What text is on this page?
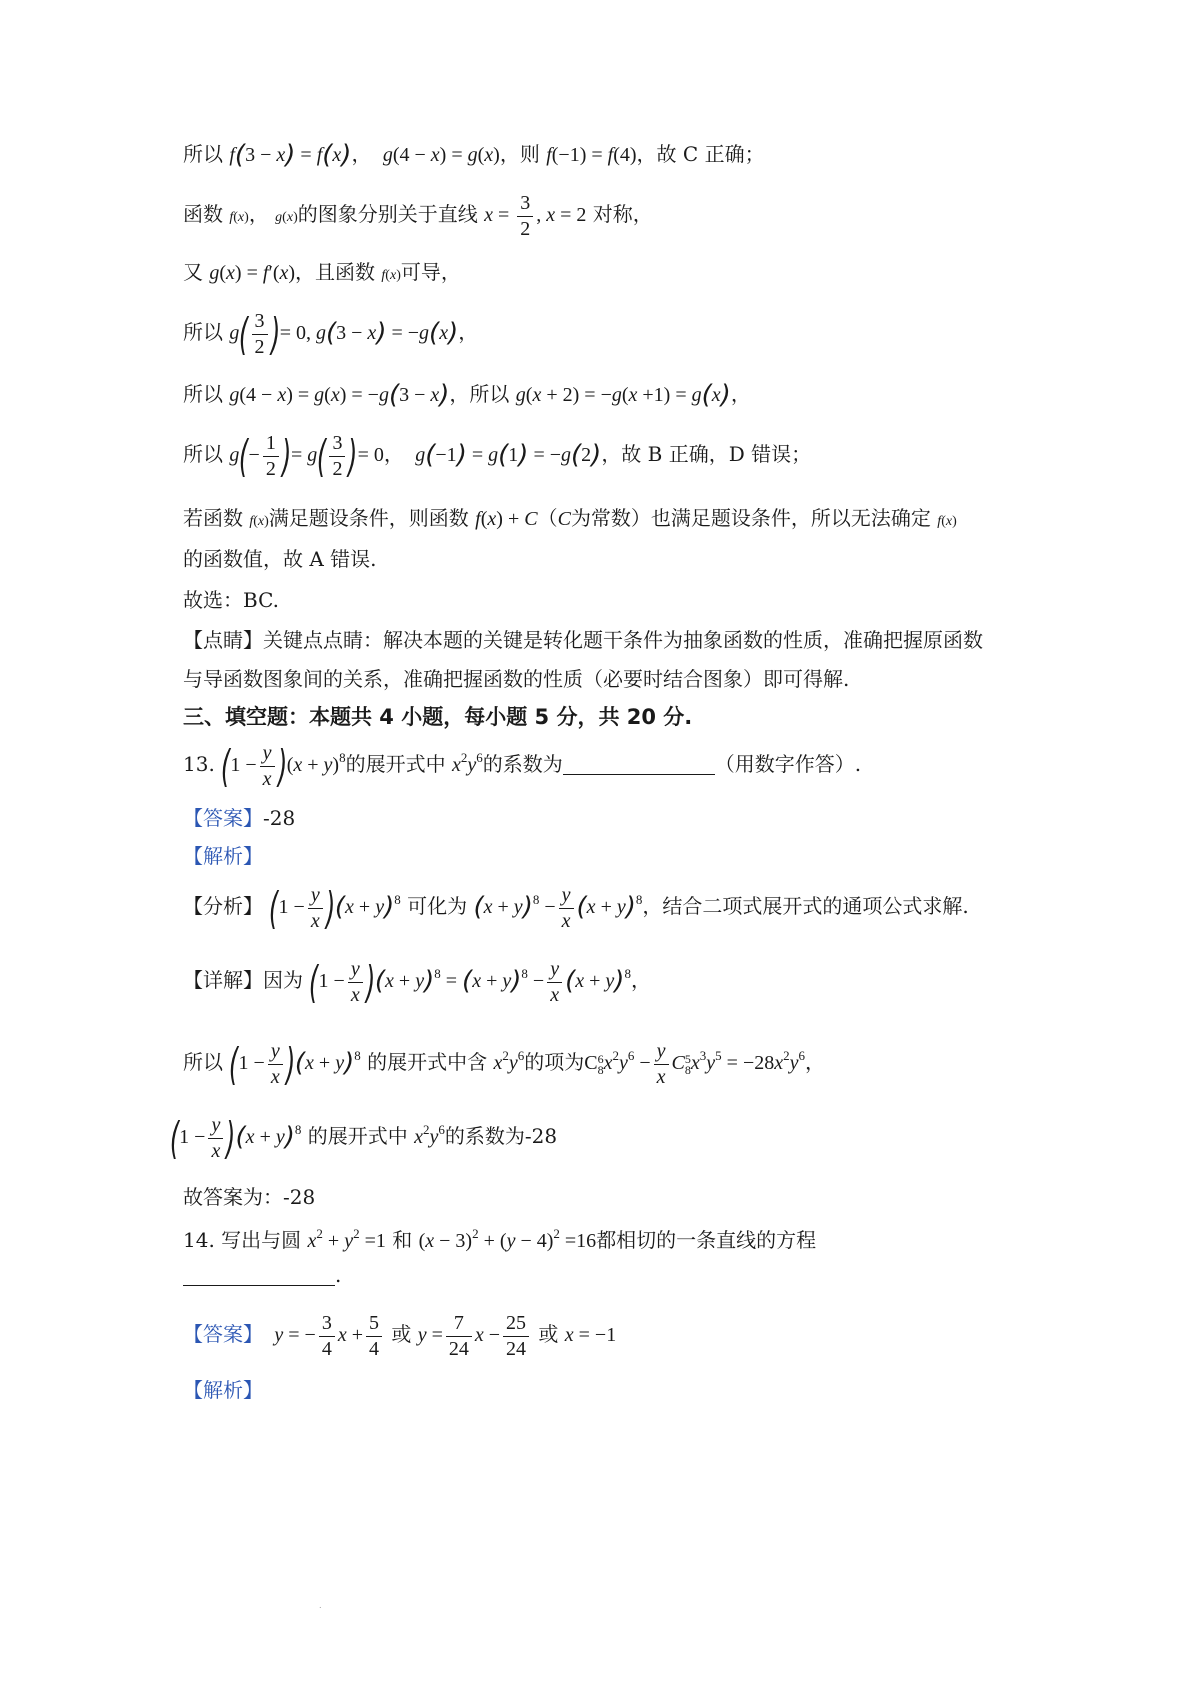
所以 f(3 − x) = f(x)，  g(4 − x) = g(x)，则 f(−1) = f(4)，故 C 正确；
函数 f(x)， g(x)的图象分别关于直线 $x = \frac{3}{2}$ , x = 2 对称，
又 g(x) = f′(x)，且函数 f(x)可导，
所以 $g( \frac{3}{2}$ )= 0, g(3 − x) = −g(x)，
所以 g(4 − x) = g(x) = −g(3 − x)，所以 g(x + 2) = −g(x +1) = g(x)，
所以 $g(- \frac{1}{2}$ )= $g( \frac{3}{2}$ )= 0，  g(−1) = g(1) = −g(2)，故 B 正确，D 错误；
若函数 f(x)满足题设条件，则函数 f(x) + C（C为常数）也满足题设条件，所以无法确定 f(x)
的函数值，故 A 错误.
故选：BC.
【点睛】关键点点睛：解决本题的关键是转化题干条件为抽象函数的性质，准确把握原函数
与导函数图象间的关系，准确把握函数的性质（必要时结合图象）即可得解.
三、填空题：本题共 4 小题，每小题 5 分，共 20 分.
13. $(1 - \frac{y}{x} )(x + y)^8$的展开式中 $x^2y^6$的系数为	（用数字作答）.
【答案】-28
【解析】
【分析】 $(1 - \frac{y}{x} )(x + y)^8$ 可化为 $(x + y)^8 - \frac{y}{x} (x + y)^8$，结合二项式展开式的通项公式求解.
【详解】因为 $(1 - \frac{y}{x} )(x + y)^8 = (x + y)^8 - \frac{y}{x} (x + y)^8$，
所以 $(1 - \frac{y}{x} )(x + y)^8$ 的展开式中含 $x^2y^6$的项为C 6
8 $x^2y^6 - \frac{y}{x}$ C 5
8 $x^3y^5 = -28x^2y^6$，
$(1 - \frac{y}{x} )(x + y)^8$ 的展开式中 $x^2y^6$的系数为-28
故答案为：-28
14. 写出与圆 $x^2 + y^2 =1$ 和 $(x - 3)^2 + (y - 4)^2 =16$都相切的一条直线的方程
.
【答案】  y = − $\frac{3}{4}$ $x + \frac{5}{4}$ 或 $y = \frac{7}{24}$ $x - \frac{25}{24}$ 或 x = −1
【解析】
.
